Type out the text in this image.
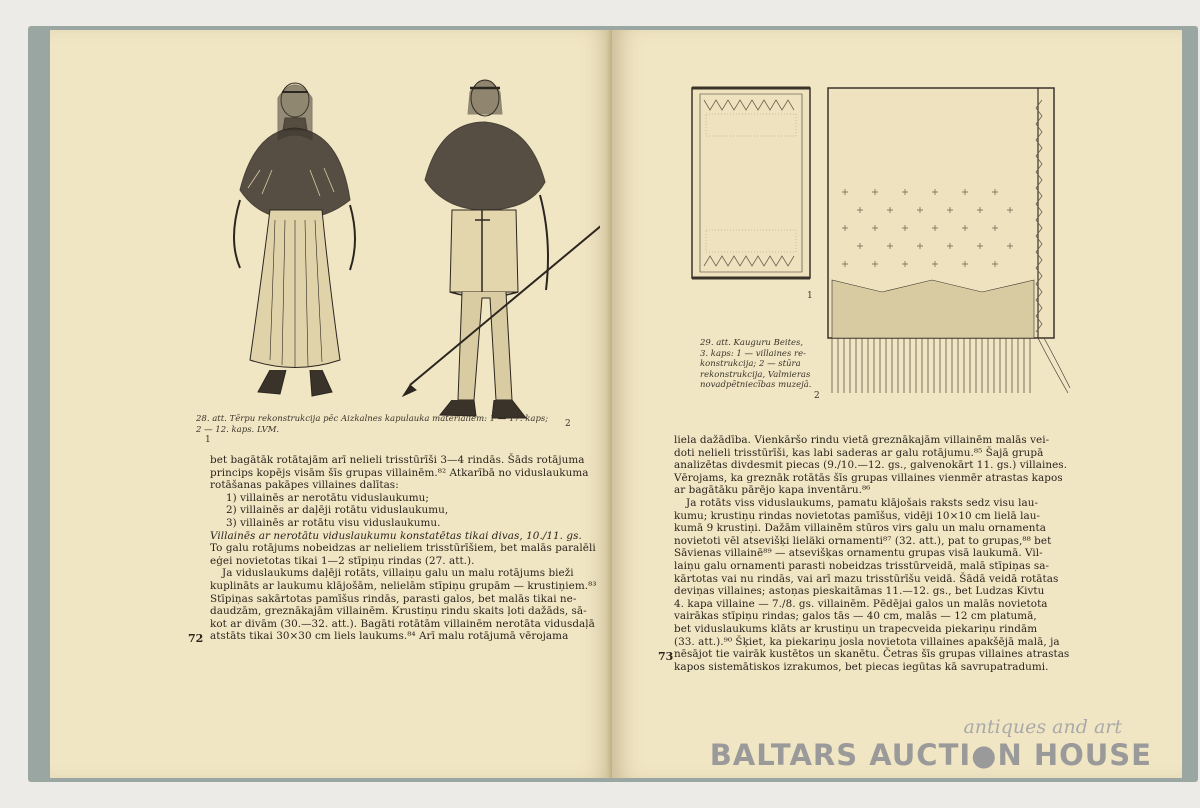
1
2
28. att. Tērpu rekonstrukcija pēc Aizkalnes kapulauka materiāliem: 1 — 17. kaps;
2 — 12. kaps. LVM.

bet bagātāk rotātajām arī nelieli trisstūrīši 3—4 rindās. Šāds rotājuma

princips kopējs visām šīs grupas villainēm.⁸² Atkarībā no viduslaukuma

rotāšanas pakāpes villaines dalītas:

1) villainēs ar nerotātu viduslaukumu;

2) villainēs ar daļēji rotātu viduslaukumu,

3) villainēs ar rotātu visu viduslaukumu.

Villainēs ar nerotātu viduslaukumu konstatētas tikai divas, 10./11. gs.

To galu rotājums nobeidzas ar nelieliem trisstūrīšiem, bet malās paralēli

eģei novietotas tikai 1—2 stīpiņu rindas (27. att.).

Ja viduslaukums daļēji rotāts, villaiņu galu un malu rotājums bieži

kuplināts ar laukumu klājošām, nelielām stīpiņu grupām — krustiņiem.⁸³

Stīpiņas sakārtotas pamīšus rindās, parasti galos, bet malās tikai ne-

daudzām, greznākajām villainēm. Krustiņu rindu skaits ļoti dažāds, sā-

kot ar divām (30.—32. att.). Bagāti rotātām villainēm nerotāta vidusdaļā

atstāts tikai 30×30 cm liels laukums.⁸⁴ Arī malu rotājumā vērojama

72
1
2
29. att. Kauguru Beites,
3. kaps: 1 — villaines re-
konstrukcija; 2 — stūra
rekonstrukcija, Valmieras
novadpētniecības muzejā.

liela dažādība. Vienkāršo rindu vietā greznākajām villainēm malās vei-

doti nelieli trisstūrīši, kas labi saderas ar galu rotājumu.⁸⁵ Šajā grupā

analizētas divdesmit piecas (9./10.—12. gs., galvenokārt 11. gs.) villaines.

Vērojams, ka greznāk rotātās šīs grupas villaines vienmēr atrastas kapos

ar bagātāku pārējo kapa inventāru.⁸⁶

Ja rotāts viss viduslaukums, pamatu klājošais raksts sedz visu lau-

kumu; krustiņu rindas novietotas pamīšus, vidēji 10×10 cm lielā lau-

kumā 9 krustiņi. Dažām villainēm stūros virs galu un malu ornamenta

novietoti vēl atsevišķi lieläki ornamenti⁸⁷ (32. att.), pat to grupas,⁸⁸ bet

Sāvienas villainē⁸⁹ — atsevišķas ornamentu grupas visā laukumā. Vil-

laiņu galu ornamenti parasti nobeidzas trisstūrveidā, malā stīpiņas sa-

kārtotas vai nu rindās, vai arī mazu trisstūrīšu veidā. Šādā veidā rotātas

deviņas villaines; astoņas pieskaitāmas 11.—12. gs., bet Ludzas Kivtu

4. kapa villaine — 7./8. gs. villainēm. Pēdējai galos un malās novietota

vairākas stīpiņu rindas; galos tās — 40 cm, malās — 12 cm platumā,

bet viduslaukums klāts ar krustiņu un trapecveida piekariņu rindām

(33. att.).⁹⁰ Šķiet, ka piekariņu josla novietota villaines apakšējā malā, ja

nēsājot tie vairāk kustētos un skanētu. Četras šīs grupas villaines atrastas

kapos sistemātiskos izrakumos, bet piecas iegūtas kā savrupatradumi.

73
antiques and art
BALTARS AUCTI●N HOUSE
